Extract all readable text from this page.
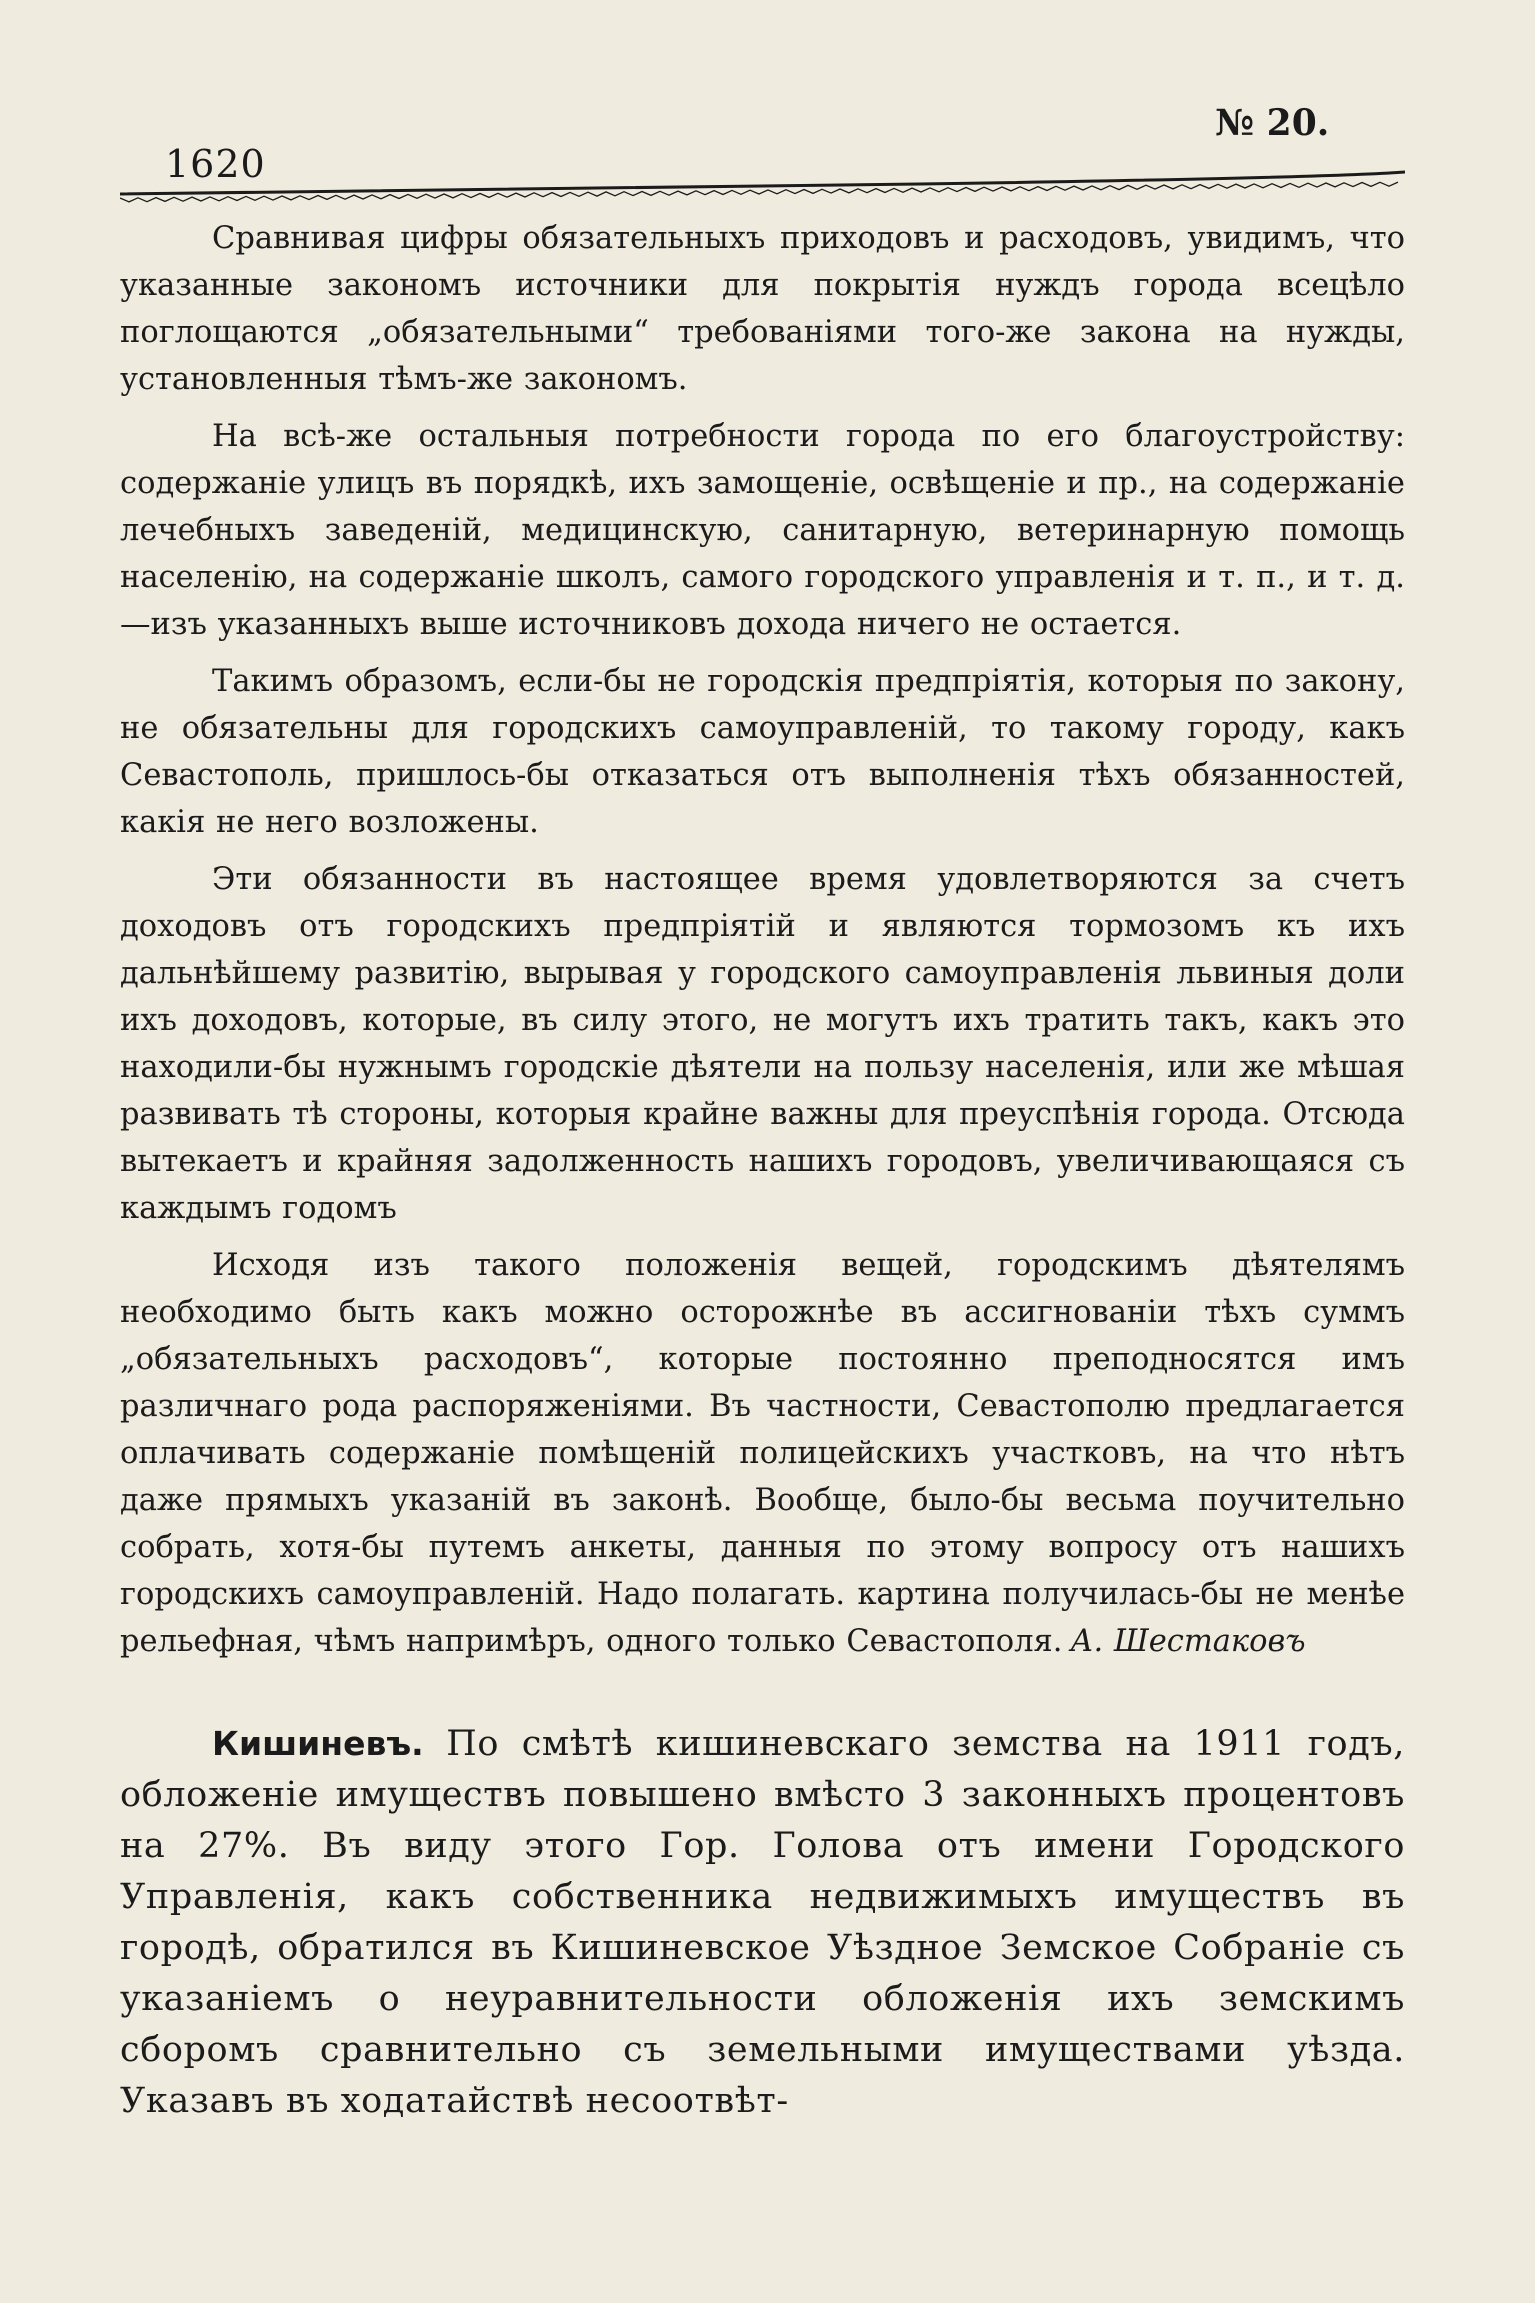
№ 20.
1620

Сравнивая цифры обязательныхъ приходовъ и расходовъ, увидимъ, что указанные закономъ источники для покрытія нуждъ города всецѣло поглощаются „обязательными“ требованіями того-же закона на нужды, установленныя тѣмъ-же закономъ.

На всѣ-же остальныя потребности города по его благоустройству: содержаніе улицъ въ порядкѣ, ихъ замощеніе, освѣщеніе и пр., на содержаніе лечебныхъ заведеній, медицинскую, санитарную, ветеринарную помощь населенію, на содержаніе школъ, самого городского управленія и т. п., и т. д.—изъ указанныхъ выше источниковъ дохода ничего не остается.

Такимъ образомъ, если-бы не городскія предпріятія, которыя по закону, не обязательны для городскихъ самоуправленій, то такому городу, какъ Севастополь, пришлось-бы отказаться отъ выполненія тѣхъ обязанностей, какія не него возложены.

Эти обязанности въ настоящее время удовлетворяются за счетъ доходовъ отъ городскихъ предпріятій и являются тормозомъ къ ихъ дальнѣйшему развитію, вырывая у городского самоуправленія львиныя доли ихъ доходовъ, которые, въ силу этого, не могутъ ихъ тратить такъ, какъ это находили-бы нужнымъ городскіе дѣятели на пользу населенія, или же мѣшая развивать тѣ стороны, которыя крайне важны для преуспѣнія города. Отсюда вытекаетъ и крайняя задолженность нашихъ городовъ, увеличивающаяся съ каждымъ годомъ

Исходя изъ такого положенія вещей, городскимъ дѣятелямъ необходимо быть какъ можно осторожнѣе въ ассигнованіи тѣхъ суммъ „обязательныхъ расходовъ“, которые постоянно преподносятся имъ различнаго рода распоряженіями. Въ частности, Севастополю предлагается оплачивать содержаніе помѣщеній полицейскихъ участковъ, на что нѣтъ даже прямыхъ указаній въ законѣ. Вообще, было-бы весьма поучительно собрать, хотя-бы путемъ анкеты, данныя по этому вопросу отъ нашихъ городскихъ самоуправленій. Надо полагать. картина получилась-бы не менѣе рельефная, чѣмъ напримѣръ, одного только Севастополя. А. Шестаковъ

Кишиневъ. По смѣтѣ кишиневскаго земства на 1911 годъ, обложеніе имуществъ повышено вмѣсто 3 законныхъ процентовъ на 27%. Въ виду этого Гор. Голова отъ имени Городского Управленія, какъ собственника недвижимыхъ имуществъ въ городѣ, обратился въ Кишиневское Уѣздное Земское Собраніе съ указаніемъ о неуравнительности обложенія ихъ земскимъ сборомъ сравнительно съ земельными имуществами уѣзда. Указавъ въ ходатайствѣ несоотвѣт-
